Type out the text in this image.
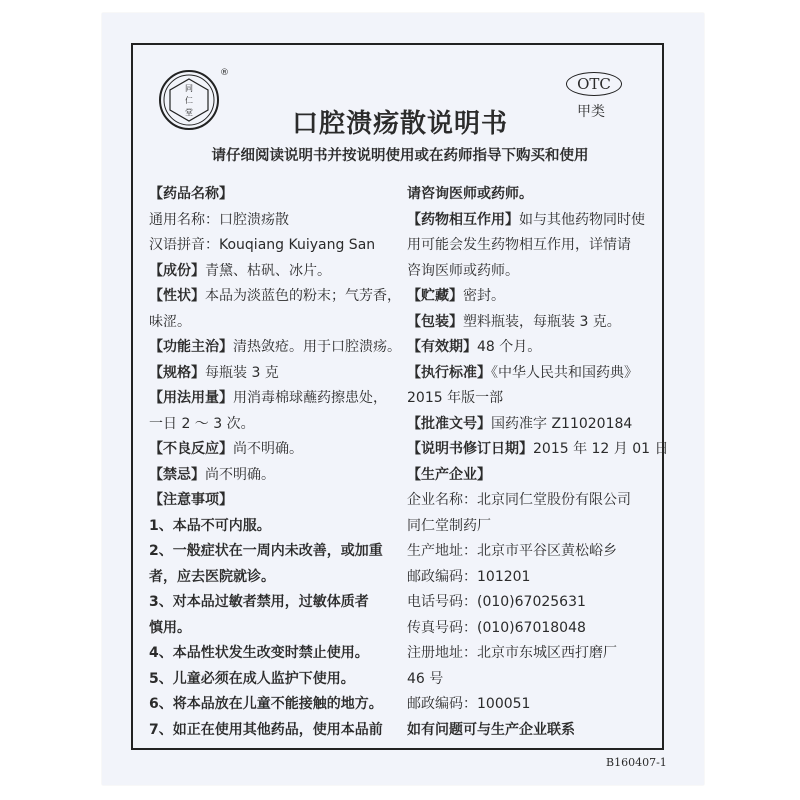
同
仁
堂
®
OTC
甲类
口腔溃疡散说明书
请仔细阅读说明书并按说明使用或在药师指导下购买和使用
【药品名称】
通用名称：口腔溃疡散
汉语拼音：Kouqiang Kuiyang San
【成份】青黛、枯矾、冰片。
【性状】本品为淡蓝色的粉末；气芳香，
味涩。
【功能主治】清热敛疮。用于口腔溃疡。
【规格】每瓶装 3 克
【用法用量】用消毒棉球蘸药擦患处，
一日 2 ～ 3 次。
【不良反应】尚不明确。
【禁忌】尚不明确。
【注意事项】
1、本品不可内服。
2、一般症状在一周内未改善，或加重
者，应去医院就诊。
3、对本品过敏者禁用，过敏体质者
慎用。
4、本品性状发生改变时禁止使用。
5、儿童必须在成人监护下使用。
6、将本品放在儿童不能接触的地方。
7、如正在使用其他药品，使用本品前
请咨询医师或药师。
【药物相互作用】如与其他药物同时使
用可能会发生药物相互作用，详情请
咨询医师或药师。
【贮藏】密封。
【包装】塑料瓶装，每瓶装 3 克。
【有效期】48 个月。
【执行标准】《中华人民共和国药典》
2015 年版一部
【批准文号】国药准字 Z11020184
【说明书修订日期】2015 年 12 月 01 日
【生产企业】
企业名称：北京同仁堂股份有限公司
同仁堂制药厂
生产地址：北京市平谷区黄松峪乡
邮政编码：101201
电话号码：(010)67025631
传真号码：(010)67018048
注册地址：北京市东城区西打磨厂
46 号
邮政编码：100051
如有问题可与生产企业联系
B160407-1
